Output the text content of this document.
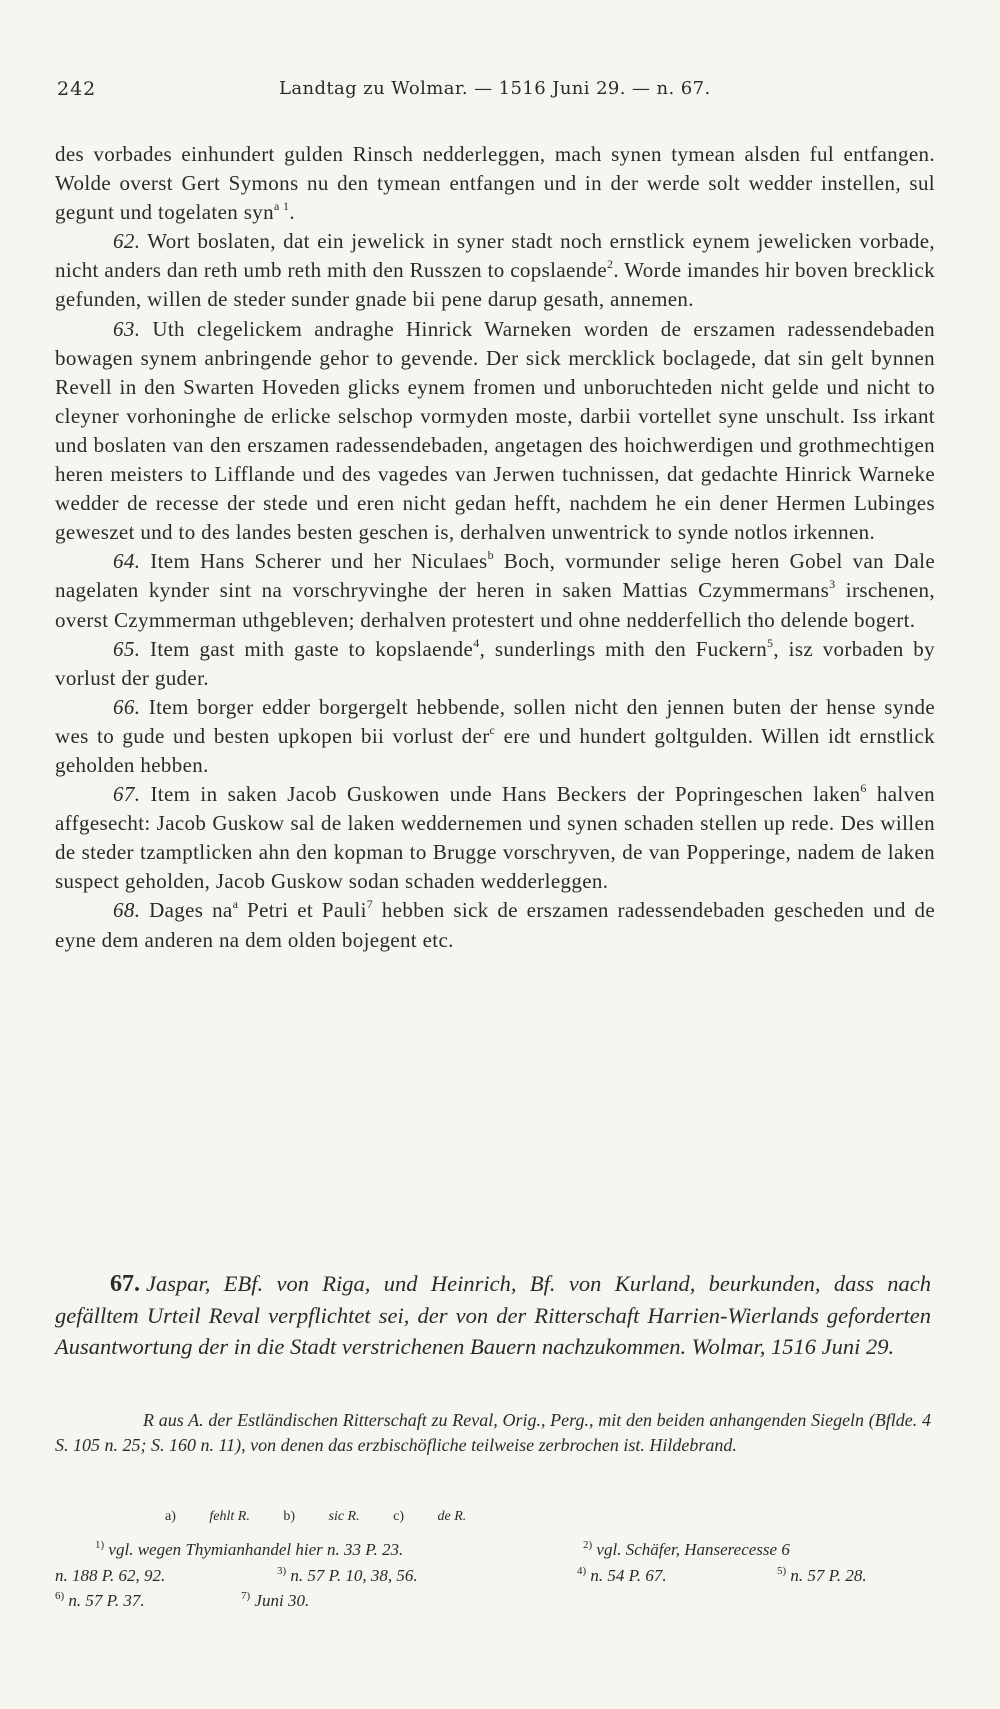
242	Landtag zu Wolmar. — 1516 Juni 29. — n. 67.

des vorbades einhundert gulden Rinsch nedderleggen, mach synen tymean alsden ful entfangen. Wolde overst Gert Symons nu den tymean entfangen und in der werde solt wedder instellen, sul gegunt und togelaten syn$^{a 1}$.

62. Wort boslaten, dat ein jewelick in syner stadt noch ernstlick eynem jewelicken vorbade, nicht anders dan reth umb reth mith den Russzen to copslaende$^2$. Worde imandes hir boven brecklick gefunden, willen de steder sunder gnade bii pene darup gesath, annemen.

63. Uth clegelickem andraghe Hinrick Warneken worden de erszamen radessendebaden bowagen synem anbringende gehor to gevende. Der sick mercklick boclagede, dat sin gelt bynnen Revell in den Swarten Hoveden glicks eynem fromen und unboruchteden nicht gelde und nicht to cleyner vorhoninghe de erlicke selschop vormyden moste, darbii vortellet syne unschult. Iss irkant und boslaten van den erszamen radessendebaden, angetagen des hoichwerdigen und grothmechtigen heren meisters to Lifflande und des vagedes van Jerwen tuchnissen, dat gedachte Hinrick Warneke wedder de recesse der stede und eren nicht gedan hefft, nachdem he ein dener Hermen Lubinges geweszet und to des landes besten geschen is, derhalven unwentrick to synde notlos irkennen.

64. Item Hans Scherer und her Niculaes$^b$ Boch, vormunder selige heren Gobel van Dale nagelaten kynder sint na vorschryvinghe der heren in saken Mattias Czymmermans$^3$ irschenen, overst Czymmerman uthgebleven; derhalven protestert und ohne nedderfellich tho delende bogert.

65. Item gast mith gaste to kopslaende$^4$, sunderlings mith den Fuckern$^5$, isz vorbaden by vorlust der guder.

66. Item borger edder borgergelt hebbende, sollen nicht den jennen buten der hense synde wes to gude und besten upkopen bii vorlust der$^c$ ere und hundert goltgulden. Willen idt ernstlick geholden hebben.

67. Item in saken Jacob Guskowen unde Hans Beckers der Popringeschen laken$^6$ halven affgesecht: Jacob Guskow sal de laken weddernemen und synen schaden stellen up rede. Des willen de steder tzamptlicken ahn den kopman to Brugge vorschryven, de van Popperinge, nadem de laken suspect geholden, Jacob Guskow sodan schaden wedderleggen.

68. Dages $na^a$ Petri et Pauli$^7$ hebben sick de erszamen radessendebaden gescheden und de eyne dem anderen na dem olden bojegent etc.

67. Jaspar, EBf. von Riga, und Heinrich, Bf. von Kurland, beurkunden, dass nach gefälltem Urteil Reval verpflichtet sei, der von der Ritterschaft Harrien-Wierlands geforderten Ausantwortung der in die Stadt verstrichenen Bauern nachzukommen. Wolmar, 1516 Juni 29.

R aus A. der Estländischen Ritterschaft zu Reval, Orig., Perg., mit den beiden anhangenden Siegeln (Bflde. 4 S. 105 n. 25; S. 160 n. 11), von denen das erzbischöfliche teilweise zerbrochen ist. Hildebrand.

a) fehlt R. b) sic R. c) de R.
$^{1)}$ vgl. wegen Thymianhandel hier n. 33 P. 23.	$^{2)}$ vgl. Schäfer, Hanserecesse 6
n. 188 P. 62, 92.	$^{3)}$ n. 57 P. 10, 38, 56.	$^{4)}$ n. 54 P. 67.	$^{5)}$ n. 57 P. 28.
$^{6)}$ n. 57 P. 37.	$^{7)}$ Juni 30.
